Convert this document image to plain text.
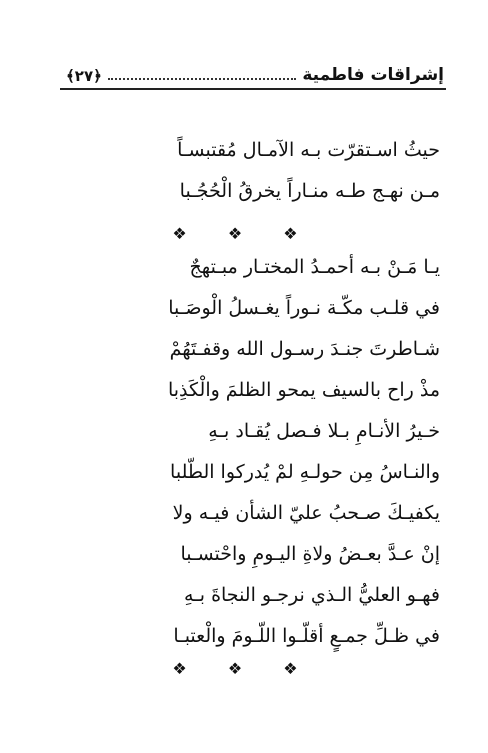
إشراقات فاطمية
﴿٢٧﴾
حيثُ اسـتقرّت بـه الآمـال مُقتبسـاً
مـن نهـج طـه منـاراً يخرقُ الْحُجُـبا
❖ ❖ ❖
يـا مَـنْ بـه أحمـدُ المختـار مبـتهجٌ
في قلـب مكّـة نـوراً يغـسلُ الْوصَـبا
شـاطرتَ جنـدَ رسـول الله وقفـتَهُمْ
مذْ راح بالسيف يمحو الظلمَ والْكَذِبا
خـيرُ الأنـامِ بـلا فـصل يُقـاد بـهِ
والنـاسُ مِن حولـهِ لمْ يُدركوا الطّلبا
يكفيـكَ صـحبُ عليّ الشأن فيـه ولا
إنْ عـدَّ بعـضُ ولاةِ اليـومِ واحْتسـبا
فهـو العليُّ الـذي نرجـو النجاةَ بـهِ
في ظـلِّ جمـعٍ أقلّـوا اللّـومَ والْعتبـا
❖ ❖ ❖
